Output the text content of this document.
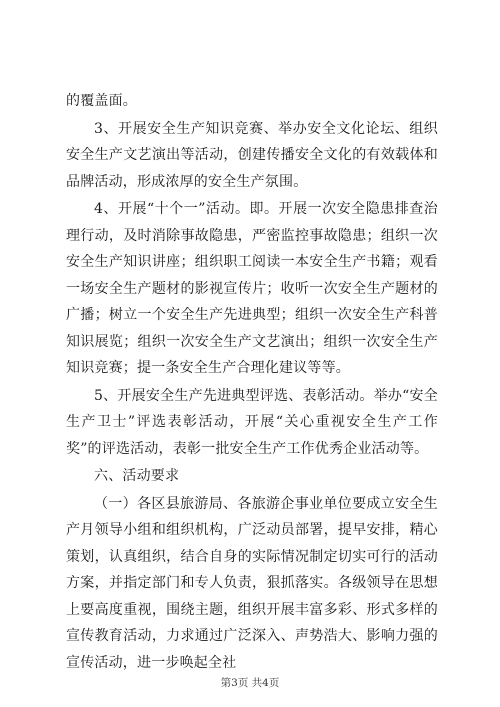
的覆盖面。

3、开展安全生产知识竞赛、举办安全文化论坛、组织安全生产文艺演出等活动，创建传播安全文化的有效载体和品牌活动，形成浓厚的安全生产氛围。

4、开展“十个一”活动。即。开展一次安全隐患排查治理行动，及时消除事故隐患，严密监控事故隐患；组织一次安全生产知识讲座；组织职工阅读一本安全生产书籍；观看一场安全生产题材的影视宣传片；收听一次安全生产题材的广播；树立一个安全生产先进典型；组织一次安全生产科普知识展览；组织一次安全生产文艺演出；组织一次安全生产知识竞赛；提一条安全生产合理化建议等等。

5、开展安全生产先进典型评选、表彰活动。举办“安全生产卫士”评选表彰活动，开展“关心重视安全生产工作奖”的评选活动，表彰一批安全生产工作优秀企业活动等。

六、活动要求

（一）各区县旅游局、各旅游企事业单位要成立安全生产月领导小组和组织机构，广泛动员部署，提早安排，精心策划，认真组织，结合自身的实际情况制定切实可行的活动方案，并指定部门和专人负责，狠抓落实。各级领导在思想上要高度重视，围绕主题，组织开展丰富多彩、形式多样的宣传教育活动，力求通过广泛深入、声势浩大、影响力强的宣传活动，进一步唤起全社

第3页 共4页
